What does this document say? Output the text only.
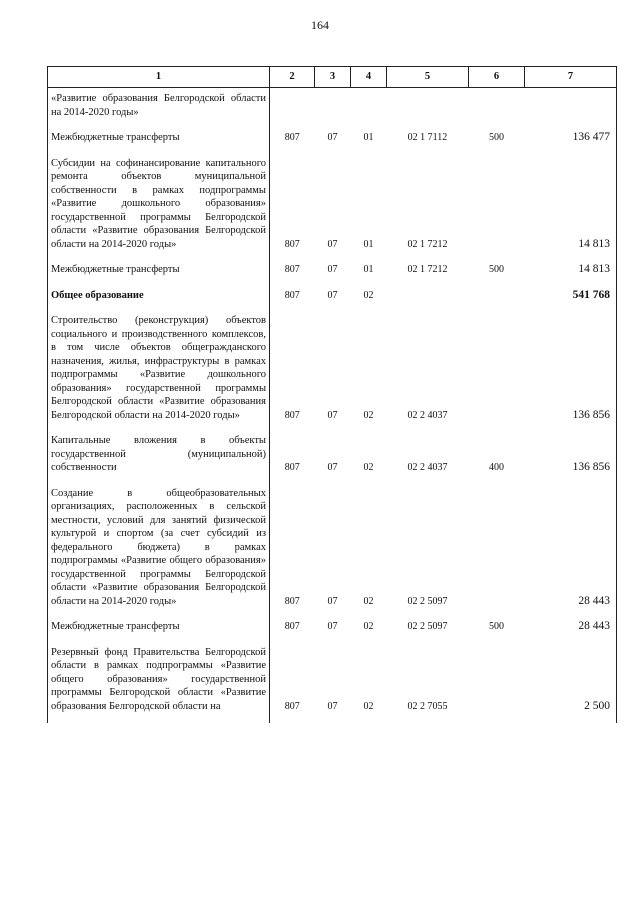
164
1	2	3	4	5	6	7
«Развитие образования Белгородской области на 2014-2020 годы»						
Межбюджетные трансферты	807	07	01	02 1 7112	500	136 477
Субсидии на софинансирование капитального ремонта объектов муниципальной собственности в рамках подпрограммы «Развитие дошкольного образования» государственной программы Белгородской области «Развитие образования Белгородской области на 2014-2020 годы»	807	07	01	02 1 7212		14 813
Межбюджетные трансферты	807	07	01	02 1 7212	500	14 813
Общее образование	807	07	02			541 768
Строительство (реконструкция) объектов социального и производственного комплексов, в том числе объектов общегражданского назначения, жилья, инфраструктуры в рамках подпрограммы «Развитие дошкольного образования» государственной программы Белгородской области «Развитие образования Белгородской области на 2014-2020 годы»	807	07	02	02 2 4037		136 856
Капитальные вложения в объекты государственной (муниципальной) собственности	807	07	02	02 2 4037	400	136 856
Создание в общеобразовательных организациях, расположенных в сельской местности, условий для занятий физической культурой и спортом (за счет субсидий из федерального бюджета) в рамках подпрограммы «Развитие общего образования» государственной программы Белгородской области «Развитие образования Белгородской области на 2014-2020 годы»	807	07	02	02 2 5097		28 443
Межбюджетные трансферты	807	07	02	02 2 5097	500	28 443
Резервный фонд Правительства Белгородской области в рамках подпрограммы «Развитие общего образования» государственной программы Белгородской области «Развитие образования Белгородской области на	807	07	02	02 2 7055		2 500
